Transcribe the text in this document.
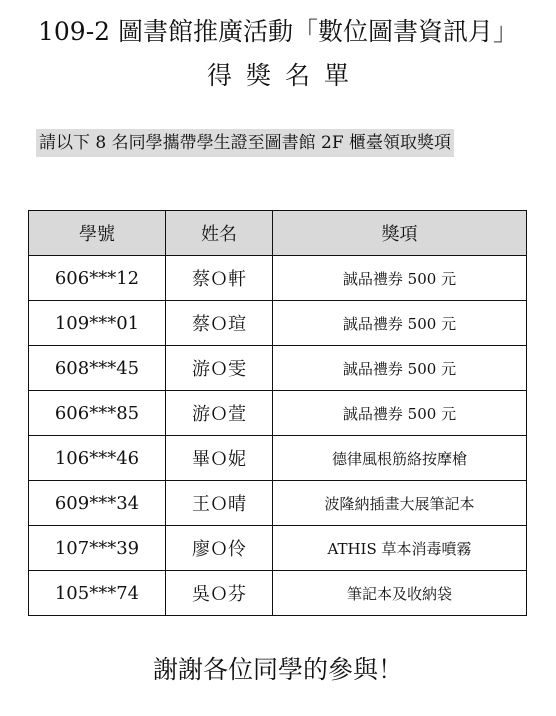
109-2 圖書館推廣活動「數位圖書資訊月」
得獎名單
請以下 8 名同學攜帶學生證至圖書館 2F 櫃臺領取獎項
學號	姓名	獎項
606***12	蔡Ｏ軒	誠品禮券 500 元
109***01	蔡Ｏ瑄	誠品禮券 500 元
608***45	游Ｏ雯	誠品禮券 500 元
606***85	游Ｏ萱	誠品禮券 500 元
106***46	畢Ｏ妮	德律風根筋絡按摩槍
609***34	王Ｏ晴	波隆納插畫大展筆記本
107***39	廖Ｏ伶	ATHIS 草本消毒噴霧
105***74	吳Ｏ芬	筆記本及收納袋
謝謝各位同學的參與！
